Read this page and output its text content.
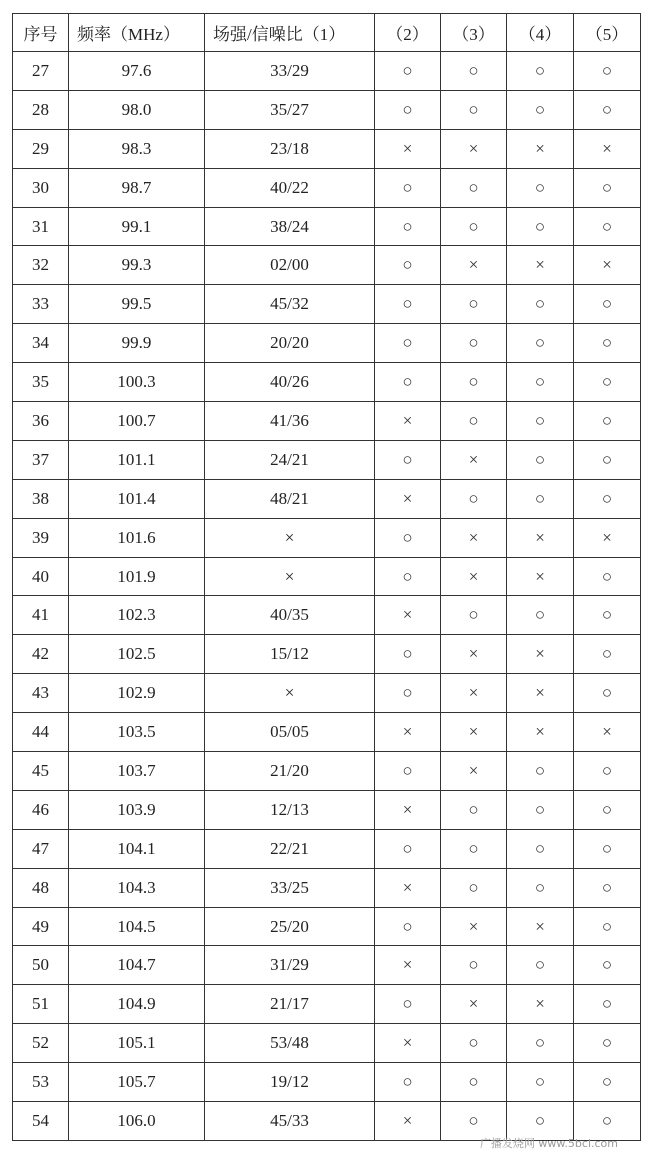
序号	频率（MHz）	场强/信噪比（1）	（2）	（3）	（4）	（5）
27	97.6	33/29	○	○	○	○
28	98.0	35/27	○	○	○	○
29	98.3	23/18	×	×	×	×
30	98.7	40/22	○	○	○	○
31	99.1	38/24	○	○	○	○
32	99.3	02/00	○	×	×	×
33	99.5	45/32	○	○	○	○
34	99.9	20/20	○	○	○	○
35	100.3	40/26	○	○	○	○
36	100.7	41/36	×	○	○	○
37	101.1	24/21	○	×	○	○
38	101.4	48/21	×	○	○	○
39	101.6	×	○	×	×	×
40	101.9	×	○	×	×	○
41	102.3	40/35	×	○	○	○
42	102.5	15/12	○	×	×	○
43	102.9	×	○	×	×	○
44	103.5	05/05	×	×	×	×
45	103.7	21/20	○	×	○	○
46	103.9	12/13	×	○	○	○
47	104.1	22/21	○	○	○	○
48	104.3	33/25	×	○	○	○
49	104.5	25/20	○	×	×	○
50	104.7	31/29	×	○	○	○
51	104.9	21/17	○	×	×	○
52	105.1	53/48	×	○	○	○
53	105.7	19/12	○	○	○	○
54	106.0	45/33	×	○	○	○
广播发烧网 www.5bcl.com
